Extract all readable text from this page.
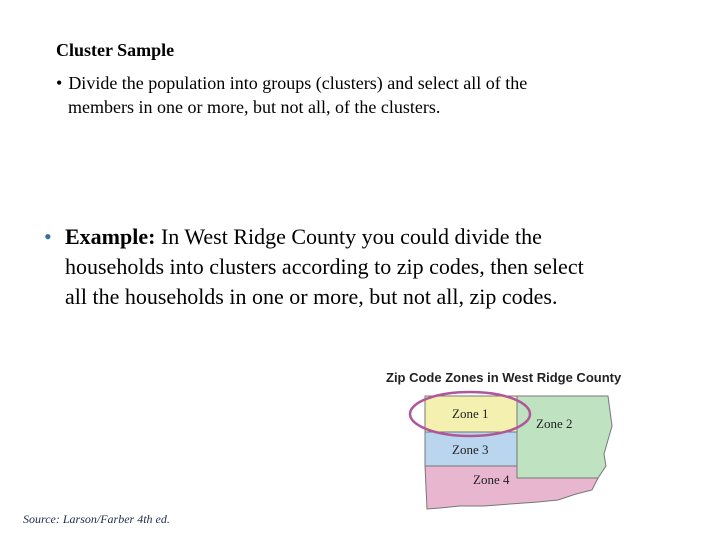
Cluster Sample
• Divide the population into groups (clusters) and select all of the
members in one or more, but not all, of the clusters.
• Example: In West Ridge County you could divide the
households into clusters according to zip codes, then select
all the households in one or more, but not all, zip codes.
Zone 1
Zone 2
Zone 3
Zone 4
Zip Code Zones in West Ridge County
Source: Larson/Farber 4th ed.
